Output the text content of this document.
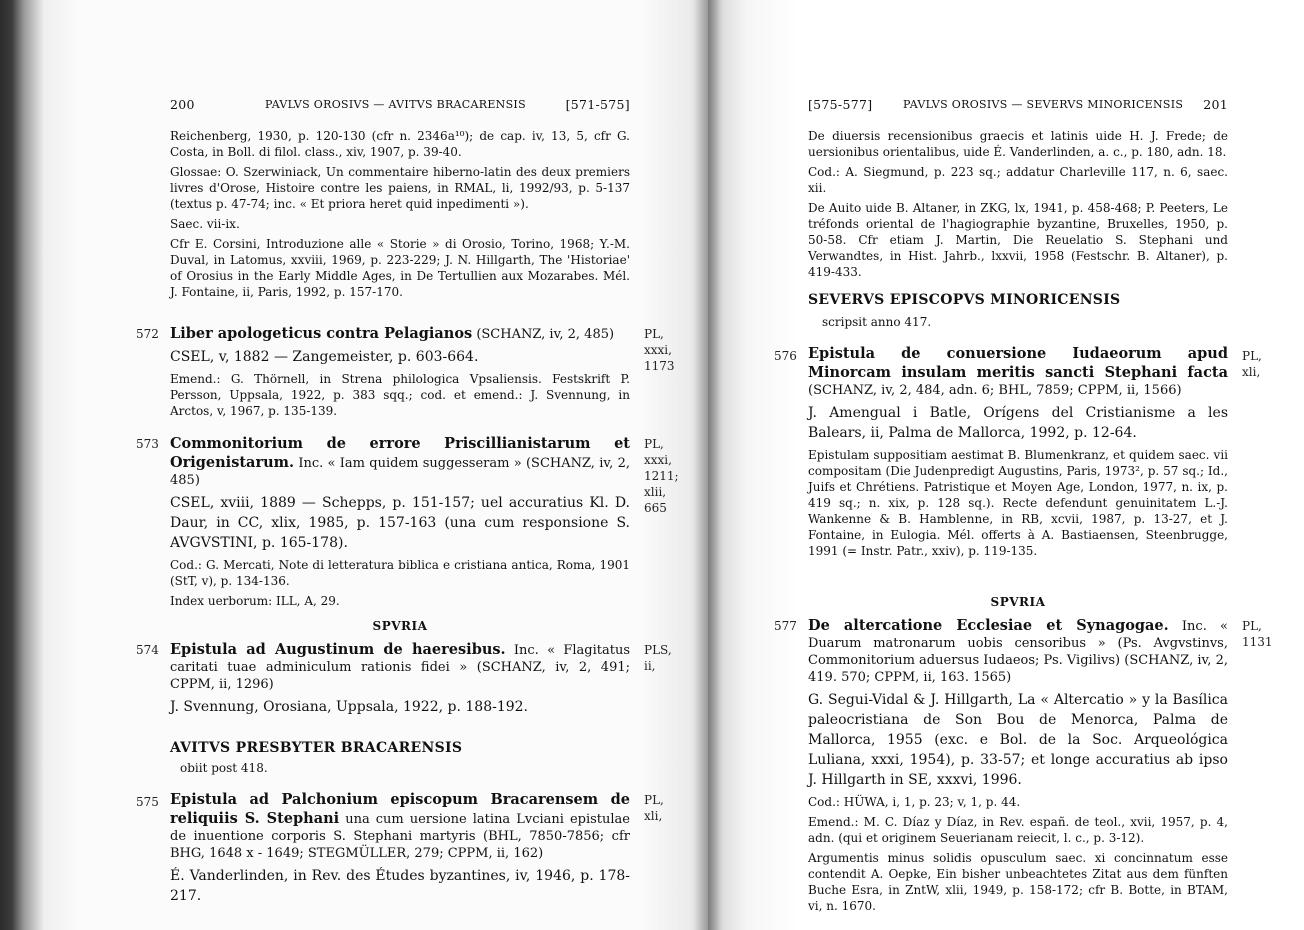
200	PAVLVS OROSIVS — AVITVS BRACARENSIS	[571-575]

Reichenberg, 1930, p. 120-130 (cfr n. 2346a¹⁰); de cap. iv, 13, 5, cfr G. Costa, in Boll. di filol. class., xiv, 1907, p. 39-40.

Glossae: O. Szerwiniack, Un commentaire hiberno-latin des deux premiers livres d'Orose, Histoire contre les paiens, in RMAL, li, 1992/93, p. 5-137 (textus p. 47-74; inc. « Et priora heret quid inpedimenti »).

Saec. vii-ix.

Cfr E. Corsini, Introduzione alle « Storie » di Orosio, Torino, 1968; Y.-M. Duval, in Latomus, xxviii, 1969, p. 223-229; J. N. Hillgarth, The 'Historiae' of Orosius in the Early Middle Ages, in De Tertullien aux Mozarabes. Mél. J. Fontaine, ii, Paris, 1992, p. 157-170.

572 Liber apologeticus contra Pelagianos (SCHANZ, iv, 2, 485)

CSEL, v, 1882 — Zangemeister, p. 603-664.

Emend.: G. Thörnell, in Strena philologica Vpsaliensis. Festskrift P. Persson, Uppsala, 1922, p. 383 sqq.; cod. et emend.: J. Svennung, in Arctos, v, 1967, p. 135-139.

PL, xxxi,
1173
573 Commonitorium de errore Priscillianistarum et Origenistarum. Inc. « Iam quidem suggesseram » (SCHANZ, iv, 2, 485)

CSEL, xviii, 1889 — Schepps, p. 151-157; uel accuratius Kl. D. Daur, in CC, xlix, 1985, p. 157-163 (una cum responsione S. AVGVSTINI, p. 165-178).

Cod.: G. Mercati, Note di letteratura biblica e cristiana antica, Roma, 1901 (StT, v), p. 134-136.

Index uerborum: ILL, A, 29.

PL, xxxi,
1211; xlii,
665
SPVRIA
574 Epistula ad Augustinum de haeresibus. Inc. « Flagitatus caritati tuae adminiculum rationis fidei » (SCHANZ, iv, 2, 491; CPPM, ii, 1296)

J. Svennung, Orosiana, Uppsala, 1922, p. 188-192.

PLS, ii,
AVITVS PRESBYTER BRACARENSIS
obiit post 418.
575 Epistula ad Palchonium episcopum Bracarensem de reliquiis S. Stephani una cum uersione latina Lvciani epistulae de inuentione corporis S. Stephani martyris (BHL, 7850-7856; cfr BHG, 1648 x - 1649; STEGMÜLLER, 279; CPPM, ii, 162)

É. Vanderlinden, in Rev. des Études byzantines, iv, 1946, p. 178-217.

PL, xli,
[575-577]	PAVLVS OROSIVS — SEVERVS MINORICENSIS 201

De diuersis recensionibus graecis et latinis uide H. J. Frede; de uersionibus orientalibus, uide É. Vanderlinden, a. c., p. 180, adn. 18.

Cod.: A. Siegmund, p. 223 sq.; addatur Charleville 117, n. 6, saec. xii.

De Auito uide B. Altaner, in ZKG, lx, 1941, p. 458-468; P. Peeters, Le tréfonds oriental de l'hagiographie byzantine, Bruxelles, 1950, p. 50-58. Cfr etiam J. Martin, Die Reuelatio S. Stephani und Verwandtes, in Hist. Jahrb., lxxvii, 1958 (Festschr. B. Altaner), p. 419-433.

SEVERVS EPISCOPVS MINORICENSIS
scripsit anno 417.
576 Epistula de conuersione Iudaeorum apud Minorcam insulam meritis sancti Stephani facta (SCHANZ, iv, 2, 484, adn. 6; BHL, 7859; CPPM, ii, 1566)

J. Amengual i Batle, Orígens del Cristianisme a les Balears, ii, Palma de Mallorca, 1992, p. 12-64.

Epistulam suppositiam aestimat B. Blumenkranz, et quidem saec. vii compositam (Die Judenpredigt Augustins, Paris, 1973², p. 57 sq.; Id., Juifs et Chrétiens. Patristique et Moyen Age, London, 1977, n. ix, p. 419 sq.; n. xix, p. 128 sq.). Recte defendunt genuinitatem L.-J. Wankenne & B. Hamblenne, in RB, xcvii, 1987, p. 13-27, et J. Fontaine, in Eulogia. Mél. offerts à A. Bastiaensen, Steenbrugge, 1991 (= Instr. Patr., xxiv), p. 119-135.

PL,
xli,
SPVRIA
577 De altercatione Ecclesiae et Synagogae. Inc. « Duarum matronarum uobis censoribus » (Ps. Avgvstinvs, Commonitorium aduersus Iudaeos; Ps. Vigilivs) (SCHANZ, iv, 2, 419. 570; CPPM, ii, 163. 1565)

G. Segui-Vidal & J. Hillgarth, La « Altercatio » y la Basílica paleocristiana de Son Bou de Menorca, Palma de Mallorca, 1955 (exc. e Bol. de la Soc. Arqueológica Luliana, xxxi, 1954), p. 33-57; et longe accuratius ab ipso J. Hillgarth in SE, xxxvi, 1996.

Cod.: HÜWA, i, 1, p. 23; v, 1, p. 44.

Emend.: M. C. Díaz y Díaz, in Rev. españ. de teol., xvii, 1957, p. 4, adn. (qui et originem Seuerianam reiecit, l. c., p. 3-12).

Argumentis minus solidis opusculum saec. xi concinnatum esse contendit A. Oepke, Ein bisher unbeachtetes Zitat aus dem fünften Buche Esra, in ZntW, xlii, 1949, p. 158-172; cfr B. Botte, in BTAM, vi, n. 1670.

PL,
1131
